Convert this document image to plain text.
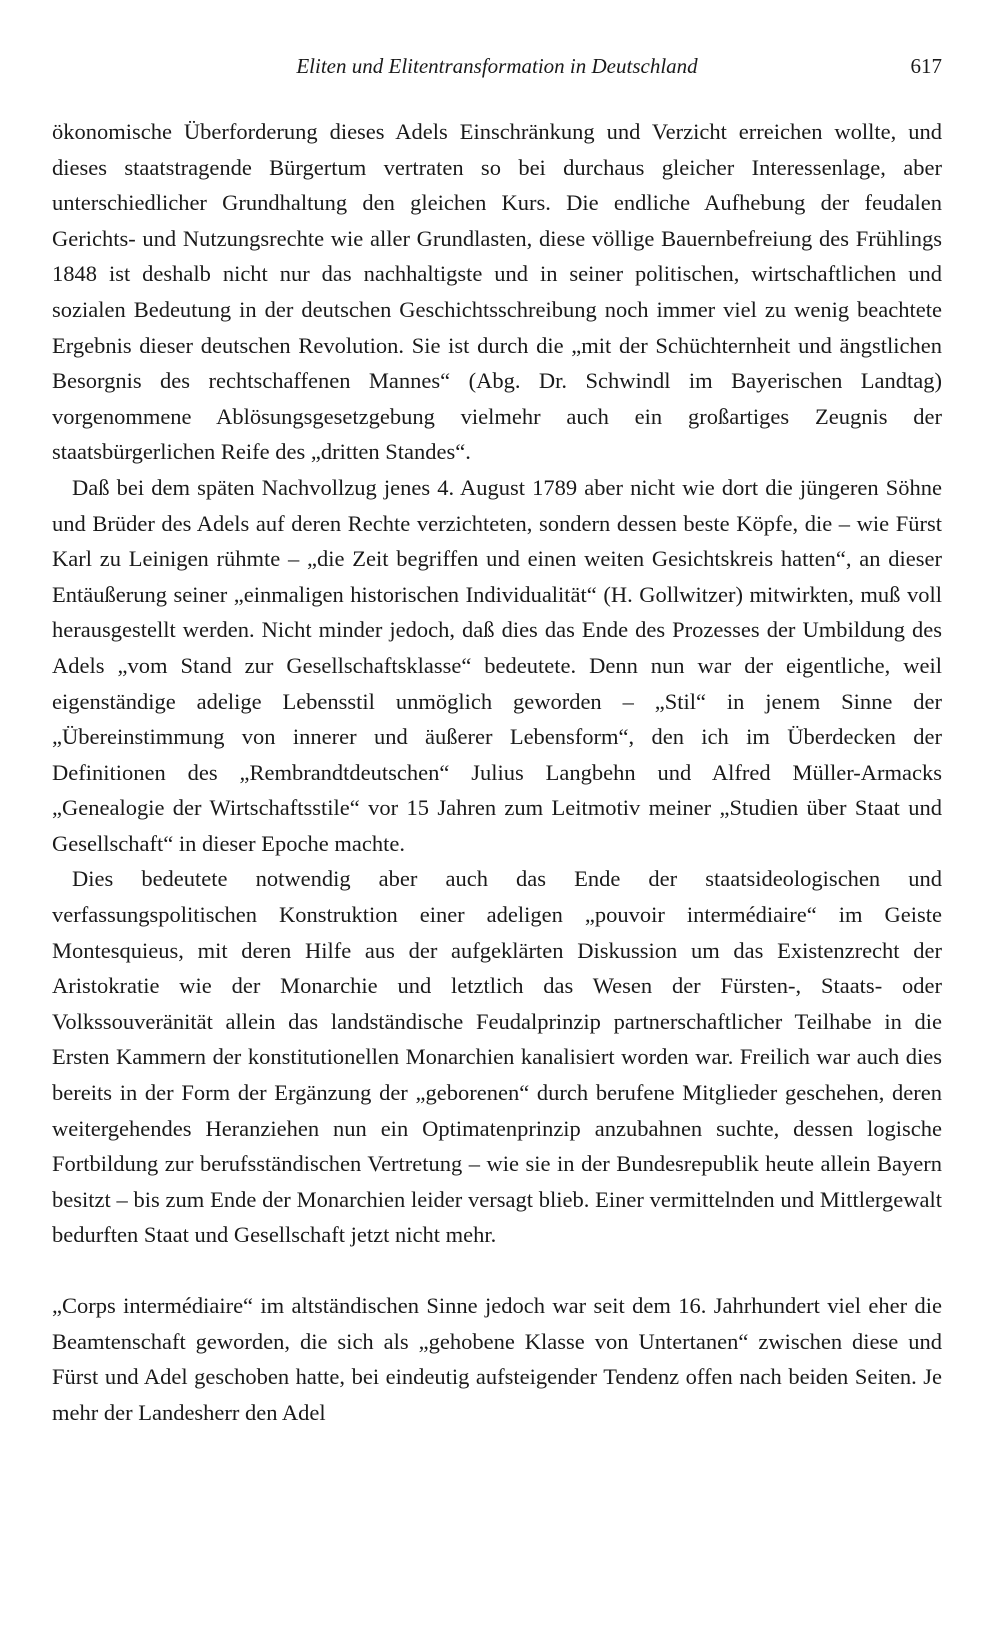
Eliten und Elitentransformation in Deutschland	617

ökonomische Überforderung dieses Adels Einschränkung und Verzicht erreichen wollte, und dieses staatstragende Bürgertum vertraten so bei durchaus gleicher Interessenlage, aber unterschiedlicher Grundhaltung den gleichen Kurs. Die endliche Aufhebung der feudalen Gerichts- und Nutzungsrechte wie aller Grundlasten, diese völlige Bauernbefreiung des Frühlings 1848 ist deshalb nicht nur das nachhaltigste und in seiner politischen, wirtschaftlichen und sozialen Bedeutung in der deutschen Geschichtsschreibung noch immer viel zu wenig beachtete Ergebnis dieser deutschen Revolution. Sie ist durch die „mit der Schüchternheit und ängstlichen Besorgnis des rechtschaffenen Mannes“ (Abg. Dr. Schwindl im Bayerischen Landtag) vorgenommene Ablösungsgesetzgebung vielmehr auch ein großartiges Zeugnis der staatsbürgerlichen Reife des „dritten Standes“.

Daß bei dem späten Nachvollzug jenes 4. August 1789 aber nicht wie dort die jüngeren Söhne und Brüder des Adels auf deren Rechte verzichteten, sondern dessen beste Köpfe, die – wie Fürst Karl zu Leinigen rühmte – „die Zeit begriffen und einen weiten Gesichtskreis hatten“, an dieser Entäußerung seiner „einmaligen historischen Individualität“ (H. Gollwitzer) mitwirkten, muß voll herausgestellt werden. Nicht minder jedoch, daß dies das Ende des Prozesses der Umbildung des Adels „vom Stand zur Gesellschaftsklasse“ bedeutete. Denn nun war der eigentliche, weil eigenständige adelige Lebensstil unmöglich geworden – „Stil“ in jenem Sinne der „Übereinstimmung von innerer und äußerer Lebensform“, den ich im Überdecken der Definitionen des „Rembrandtdeutschen“ Julius Langbehn und Alfred Müller-Armacks „Genealogie der Wirtschaftsstile“ vor 15 Jahren zum Leitmotiv meiner „Studien über Staat und Gesellschaft“ in dieser Epoche machte.

Dies bedeutete notwendig aber auch das Ende der staatsideologischen und verfassungspolitischen Konstruktion einer adeligen „pouvoir intermédiaire“ im Geiste Montesquieus, mit deren Hilfe aus der aufgeklärten Diskussion um das Existenzrecht der Aristokratie wie der Monarchie und letztlich das Wesen der Fürsten-, Staats- oder Volkssouveränität allein das landständische Feudalprinzip partnerschaftlicher Teilhabe in die Ersten Kammern der konstitutionellen Monarchien kanalisiert worden war. Freilich war auch dies bereits in der Form der Ergänzung der „geborenen“ durch berufene Mitglieder geschehen, deren weitergehendes Heranziehen nun ein Optimatenprinzip anzubahnen suchte, dessen logische Fortbildung zur berufsständischen Vertretung – wie sie in der Bundesrepublik heute allein Bayern besitzt – bis zum Ende der Monarchien leider versagt blieb. Einer vermittelnden und Mittlergewalt bedurften Staat und Gesellschaft jetzt nicht mehr.

„Corps intermédiaire“ im altständischen Sinne jedoch war seit dem 16. Jahrhundert viel eher die Beamtenschaft geworden, die sich als „gehobene Klasse von Untertanen“ zwischen diese und Fürst und Adel geschoben hatte, bei eindeutig aufsteigender Tendenz offen nach beiden Seiten. Je mehr der Landesherr den Adel
